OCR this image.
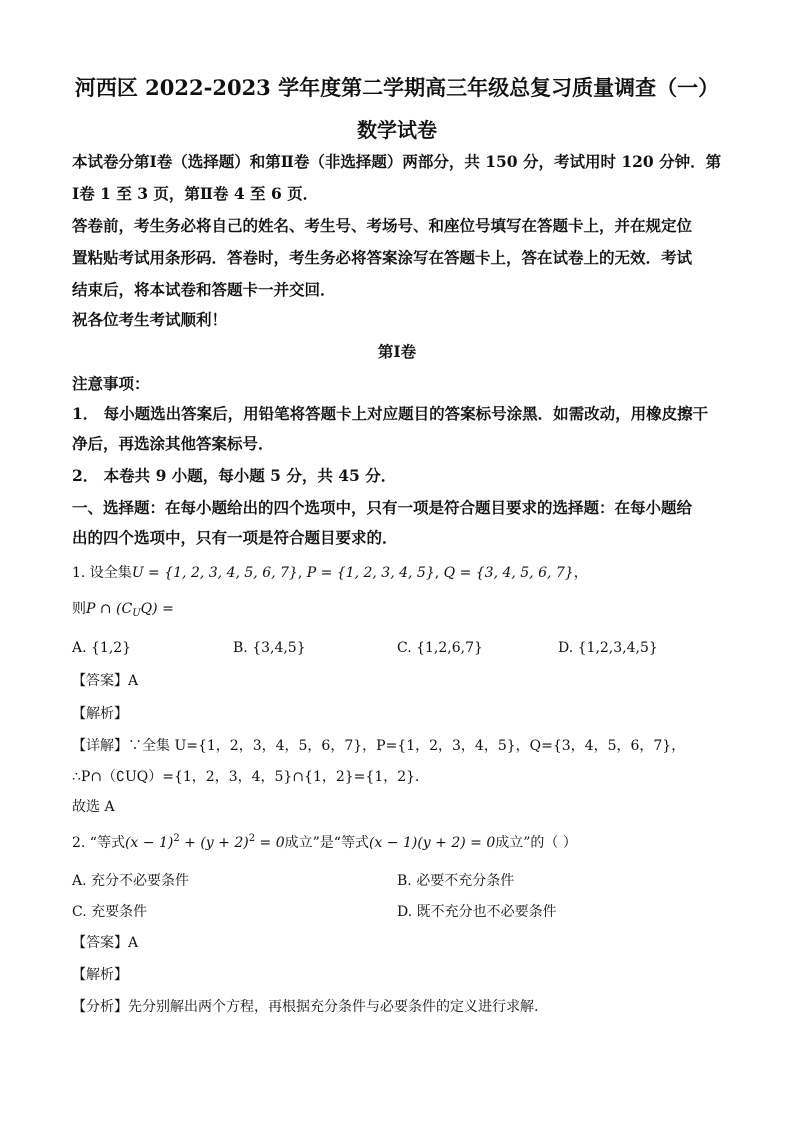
河西区 2022-2023 学年度第二学期高三年级总复习质量调查（一）
数学试卷
本试卷分第Ⅰ卷（选择题）和第Ⅱ卷（非选择题）两部分，共 150 分，考试用时 120 分钟．第
Ⅰ卷 1 至 3 页，第Ⅱ卷 4 至 6 页．
答卷前，考生务必将自己的姓名、考生号、考场号、和座位号填写在答题卡上，并在规定位
置粘贴考试用条形码．答卷时，考生务必将答案涂写在答题卡上，答在试卷上的无效．考试
结束后，将本试卷和答题卡一并交回．
祝各位考生考试顺利！
第Ⅰ卷
注意事项：
1． 每小题选出答案后，用铅笔将答题卡上对应题目的答案标号涂黑．如需改动，用橡皮擦干
净后，再选涂其他答案标号．
2． 本卷共 9 小题，每小题 5 分，共 45 分．
一、选择题：在每小题给出的四个选项中，只有一项是符合题目要求的选择题：在每小题给
出的四个选项中，只有一项是符合题目要求的．
1. 设全集U = {1, 2, 3, 4, 5, 6, 7}, P = {1, 2, 3, 4, 5}, Q = {3, 4, 5, 6, 7}，
则P ∩ $(C_UQ)$ =
A. {1,2}	B. {3,4,5}	C. {1,2,6,7}	D. {1,2,3,4,5}
【答案】A
【解析】
【详解】∵全集 U={1，2，3，4，5，6，7}，P={1，2，3，4，5}，Q={3，4，5，6，7}，
∴P∩（∁UQ）={1，2，3，4，5}∩{1，2}={1，2}．
故选 A
2. “等式$(x - 1)^2 + (y + 2)^2 = 0$成立”是“等式(x − 1)(y + 2) = 0成立”的（ ）
A. 充分不必要条件	B. 必要不充分条件
C. 充要条件	D. 既不充分也不必要条件
【答案】A
【解析】
【分析】先分别解出两个方程，再根据充分条件与必要条件的定义进行求解.
